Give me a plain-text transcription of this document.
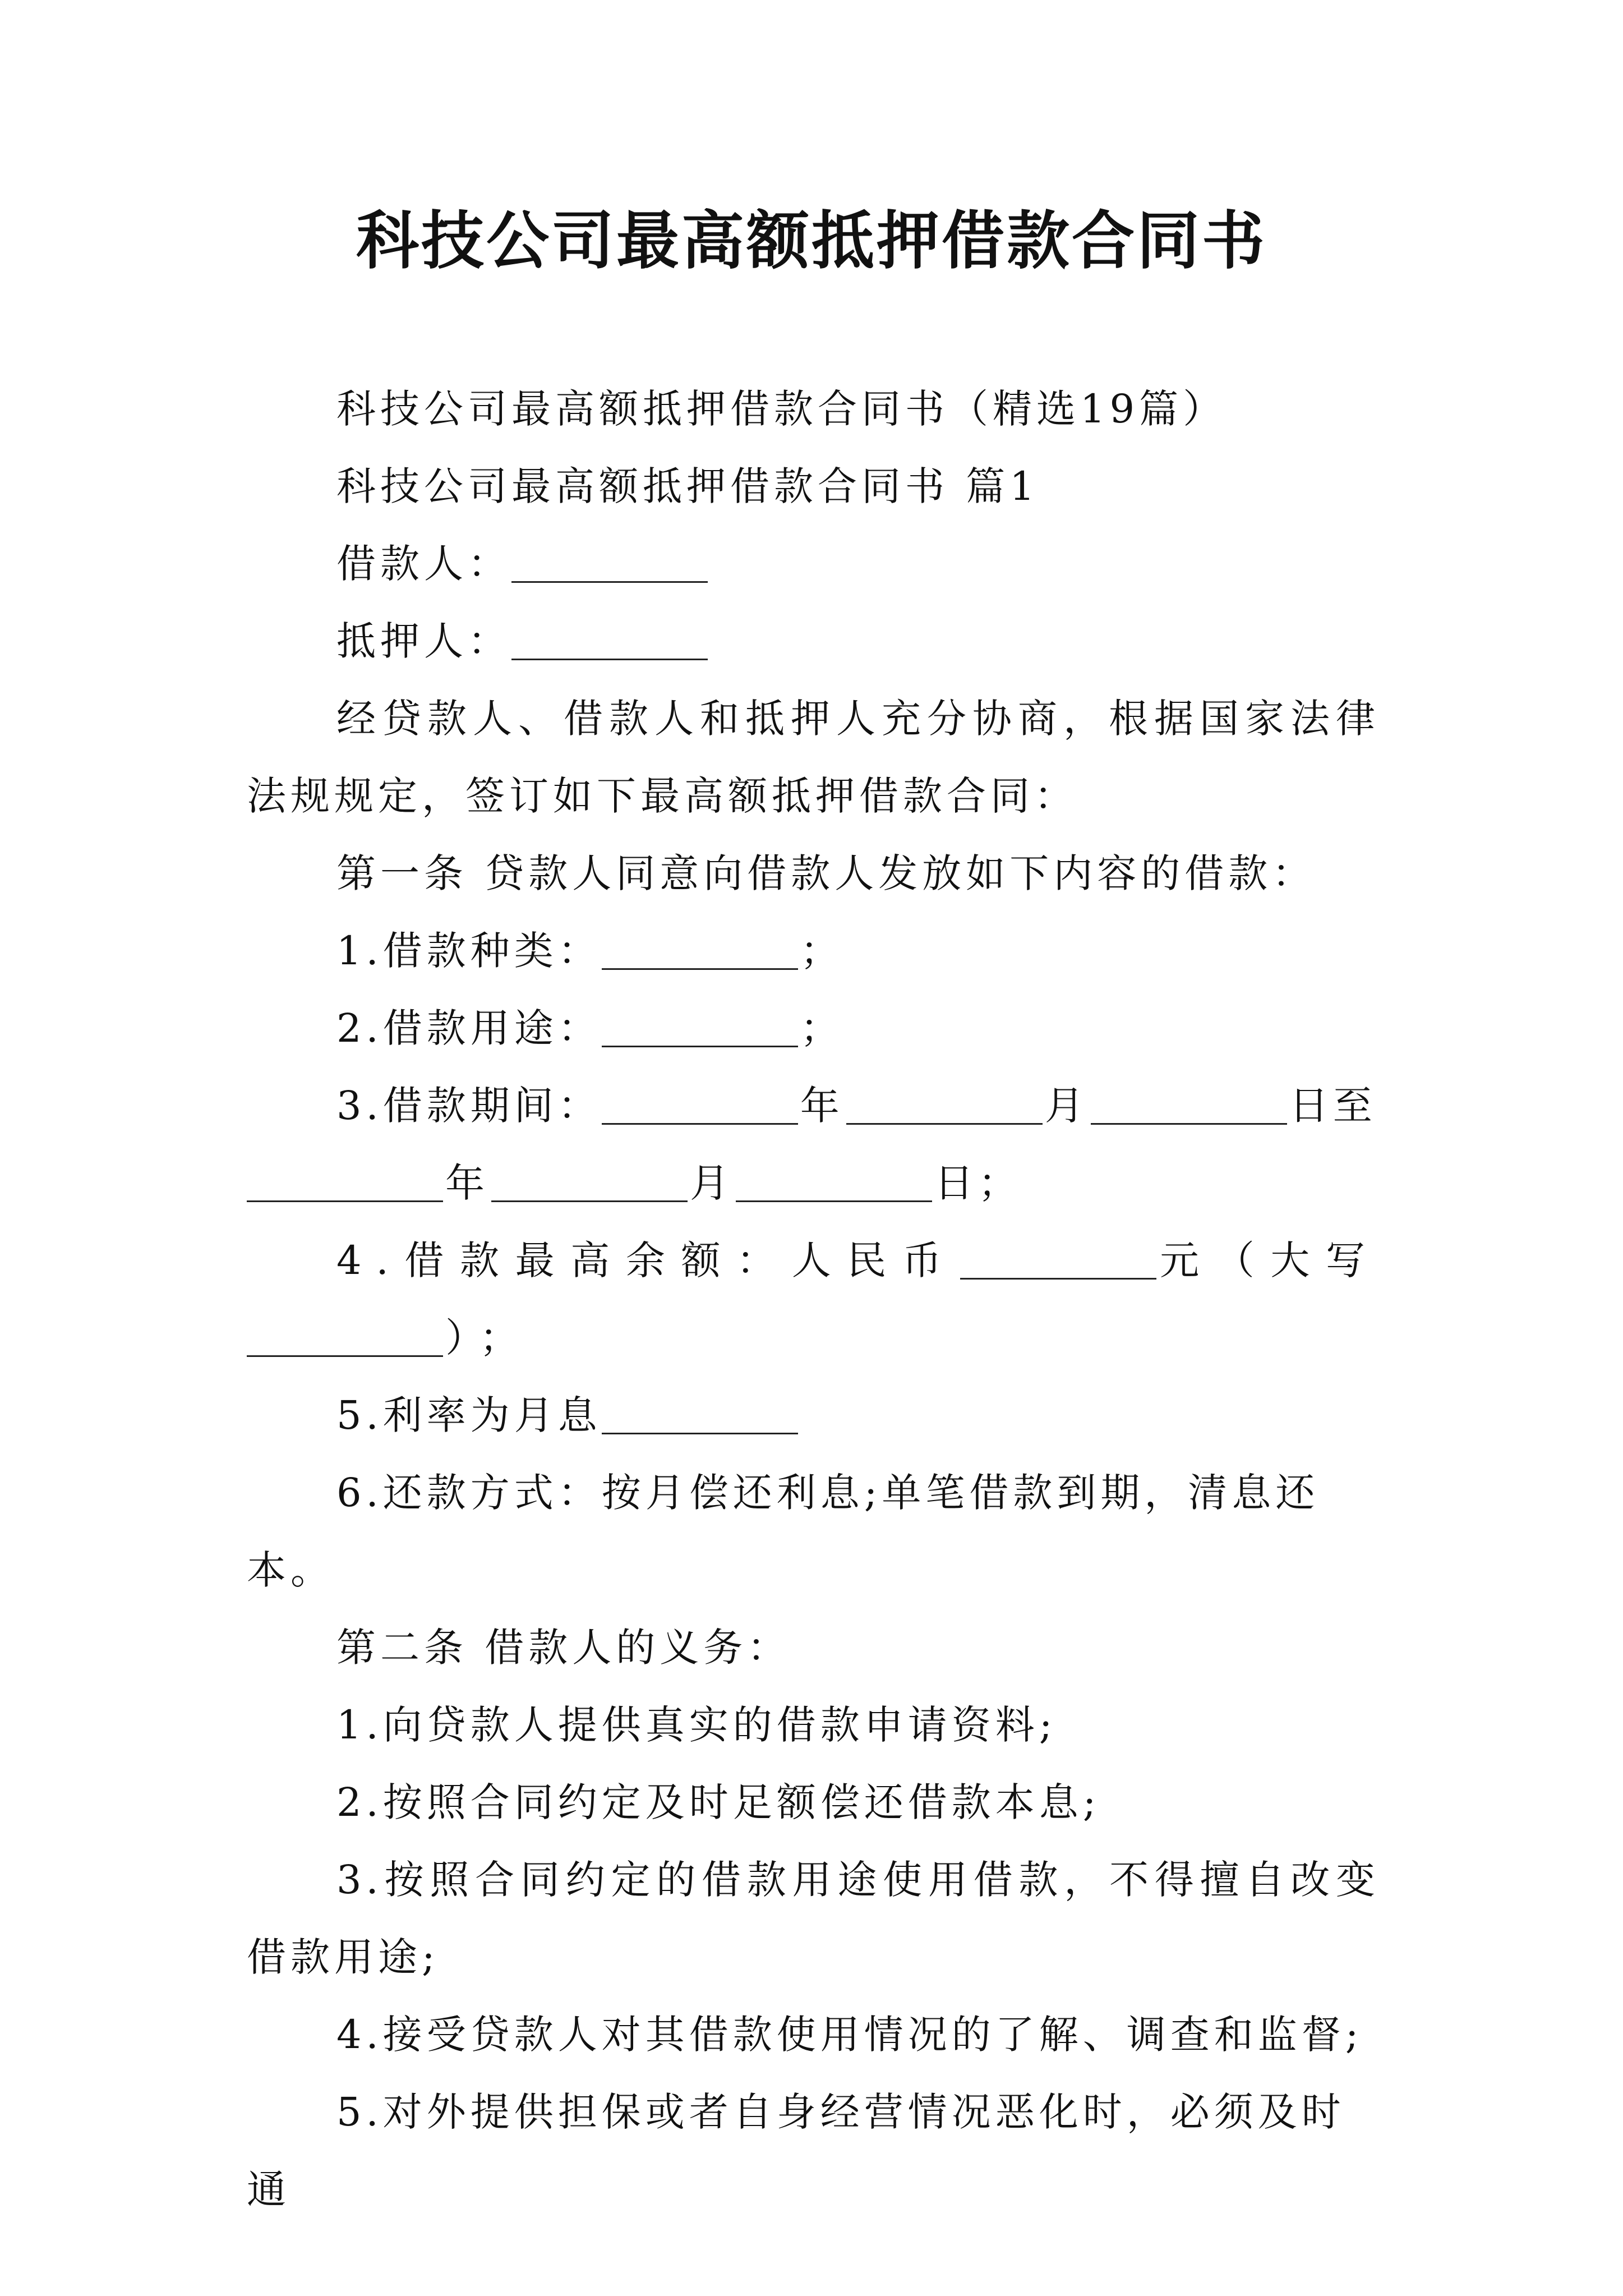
科技公司最高额抵押借款合同书

科技公司最高额抵押借款合同书（精选19篇）

科技公司最高额抵押借款合同书 篇1

借款人：

抵押人：

经贷款人、借款人和抵押人充分协商，根据国家法律法规规定，签订如下最高额抵押借款合同：

第一条 贷款人同意向借款人发放如下内容的借款：

1.借款种类：	；

2.借款用途：	；

3.借款期间：	年	月	日至年	月	日；

4.借款最高余额：人民币	元（大写）；

5.利率为月息

6.还款方式：按月偿还利息;单笔借款到期，清息还本。

第二条 借款人的义务：

1.向贷款人提供真实的借款申请资料;

2.按照合同约定及时足额偿还借款本息;

3.按照合同约定的借款用途使用借款，不得擅自改变借款用途;

4.接受贷款人对其借款使用情况的了解、调查和监督;

5.对外提供担保或者自身经营情况恶化时，必须及时通
